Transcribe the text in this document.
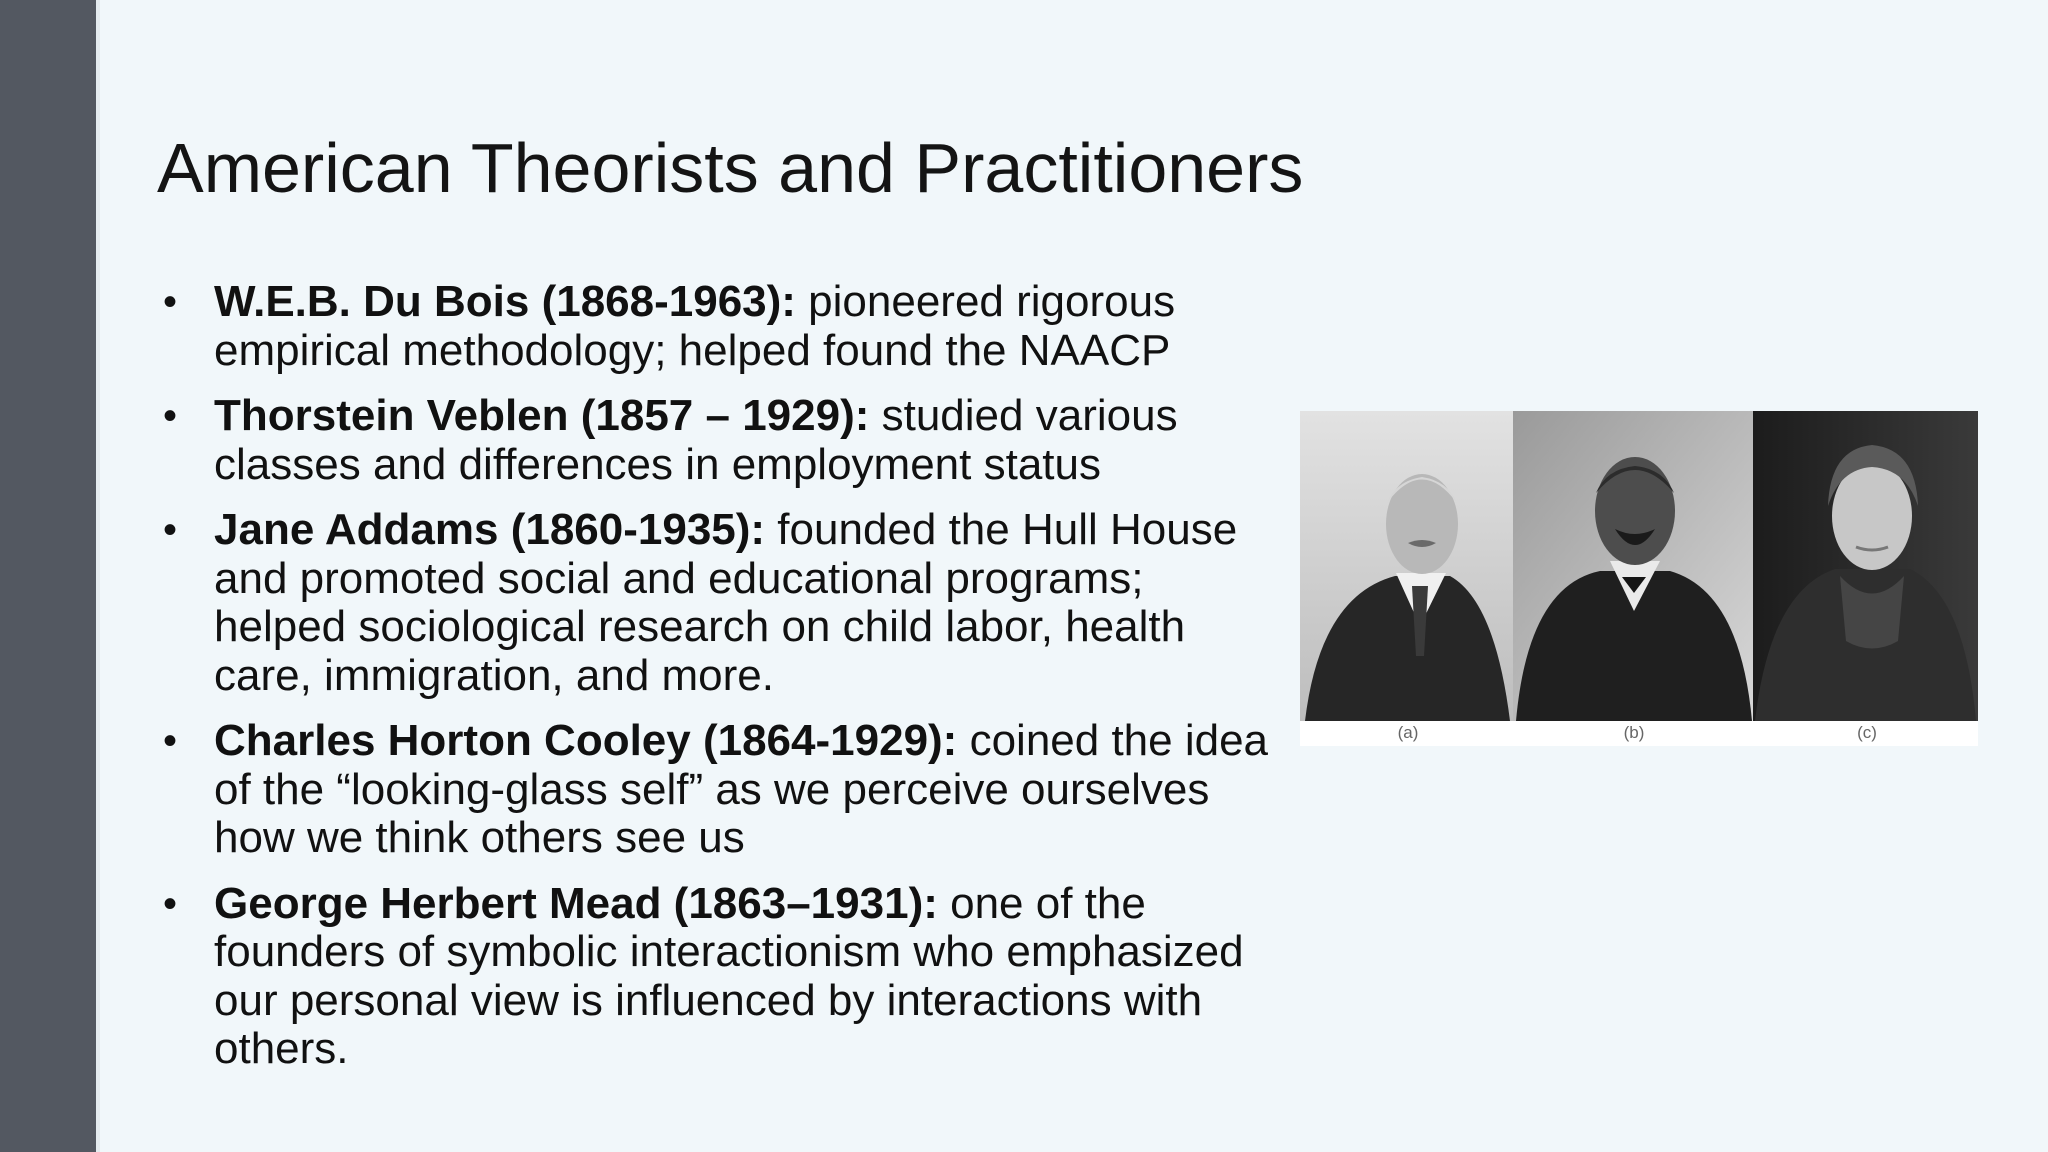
American Theorists and Practitioners
• W.E.B. Du Bois (1868-1963): pioneered rigorous empirical methodology; helped found the NAACP
• Thorstein Veblen (1857 – 1929): studied various classes and differences in employment status
• Jane Addams (1860-1935): founded the Hull House and promoted social and educational programs; helped sociological research on child labor, health care, immigration, and more.
• Charles Horton Cooley (1864-1929): coined the idea of the “looking-glass self” as we perceive ourselves how we think others see us
• George Herbert Mead (1863–1931): one of the founders of symbolic interactionism who emphasized our personal view is influenced by interactions with others.
(a)	(b)	(c)
